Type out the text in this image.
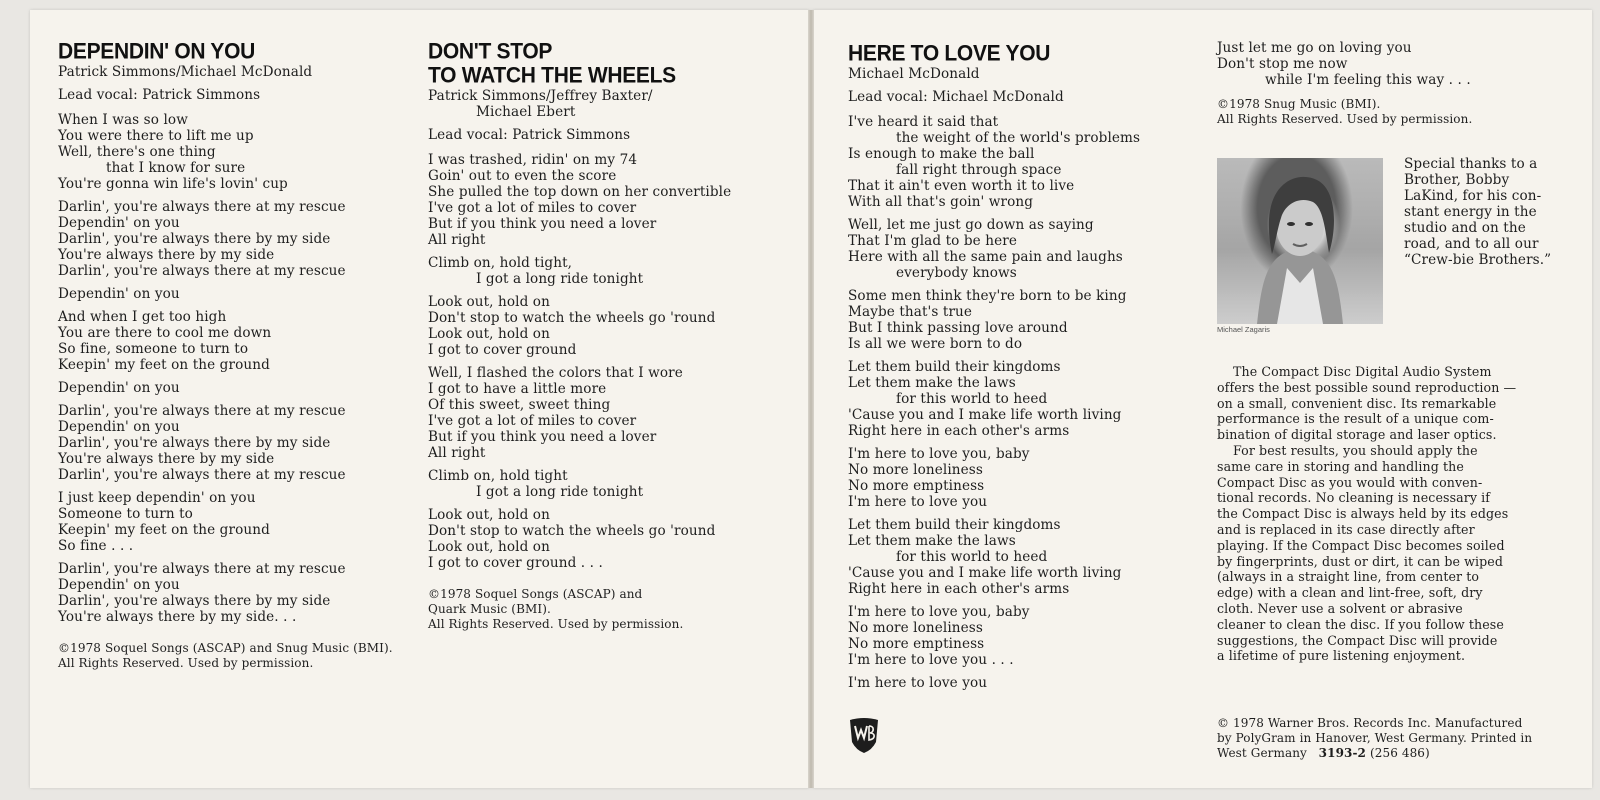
DEPENDIN' ON YOU
Patrick Simmons/Michael McDonald
Lead vocal: Patrick Simmons
When I was so low
You were there to lift me up
Well, there's one thing
that I know for sure
You're gonna win life's lovin' cup
Darlin', you're always there at my rescue
Dependin' on you
Darlin', you're always there by my side
You're always there by my side
Darlin', you're always there at my rescue
Dependin' on you
And when I get too high
You are there to cool me down
So fine, someone to turn to
Keepin' my feet on the ground
Dependin' on you
Darlin', you're always there at my rescue
Dependin' on you
Darlin', you're always there by my side
You're always there by my side
Darlin', you're always there at my rescue
I just keep dependin' on you
Someone to turn to
Keepin' my feet on the ground
So fine . . .
Darlin', you're always there at my rescue
Dependin' on you
Darlin', you're always there by my side
You're always there by my side. . .
©1978 Soquel Songs (ASCAP) and Snug Music (BMI).
All Rights Reserved. Used by permission.
DON'T STOP
TO WATCH THE WHEELS
Patrick Simmons/Jeffrey Baxter/
Michael Ebert
Lead vocal: Patrick Simmons
I was trashed, ridin' on my 74
Goin' out to even the score
She pulled the top down on her convertible
I've got a lot of miles to cover
But if you think you need a lover
All right
Climb on, hold tight,
I got a long ride tonight
Look out, hold on
Don't stop to watch the wheels go 'round
Look out, hold on
I got to cover ground
Well, I flashed the colors that I wore
I got to have a little more
Of this sweet, sweet thing
I've got a lot of miles to cover
But if you think you need a lover
All right
Climb on, hold tight
I got a long ride tonight
Look out, hold on
Don't stop to watch the wheels go 'round
Look out, hold on
I got to cover ground . . .
©1978 Soquel Songs (ASCAP) and
Quark Music (BMI).
All Rights Reserved. Used by permission.
HERE TO LOVE YOU
Michael McDonald
Lead vocal: Michael McDonald
I've heard it said that
the weight of the world's problems
Is enough to make the ball
fall right through space
That it ain't even worth it to live
With all that's goin' wrong
Well, let me just go down as saying
That I'm glad to be here
Here with all the same pain and laughs
everybody knows
Some men think they're born to be king
Maybe that's true
But I think passing love around
Is all we were born to do
Let them build their kingdoms
Let them make the laws
for this world to heed
'Cause you and I make life worth living
Right here in each other's arms
I'm here to love you, baby
No more loneliness
No more emptiness
I'm here to love you
Let them build their kingdoms
Let them make the laws
for this world to heed
'Cause you and I make life worth living
Right here in each other's arms
I'm here to love you, baby
No more loneliness
No more emptiness
I'm here to love you . . .
I'm here to love you
Just let me go on loving you
Don't stop me now
while I'm feeling this way . . .
©1978 Snug Music (BMI).
All Rights Reserved. Used by permission.
Michael Zagaris
Special thanks to a
Brother, Bobby
LaKind, for his con-
stant energy in the
studio and on the
road, and to all our
“Crew-bie Brothers.”
The Compact Disc Digital Audio System
offers the best possible sound reproduction —
on a small, convenient disc. Its remarkable
performance is the result of a unique com-
bination of digital storage and laser optics.
For best results, you should apply the
same care in storing and handling the
Compact Disc as you would with conven-
tional records. No cleaning is necessary if
the Compact Disc is always held by its edges
and is replaced in its case directly after
playing. If the Compact Disc becomes soiled
by fingerprints, dust or dirt, it can be wiped
(always in a straight line, from center to
edge) with a clean and lint-free, soft, dry
cloth. Never use a solvent or abrasive
cleaner to clean the disc. If you follow these
suggestions, the Compact Disc will provide
a lifetime of pure listening enjoyment.
© 1978 Warner Bros. Records Inc. Manufactured
by PolyGram in Hanover, West Germany. Printed in
West Germany 3193-2 (256 486)
